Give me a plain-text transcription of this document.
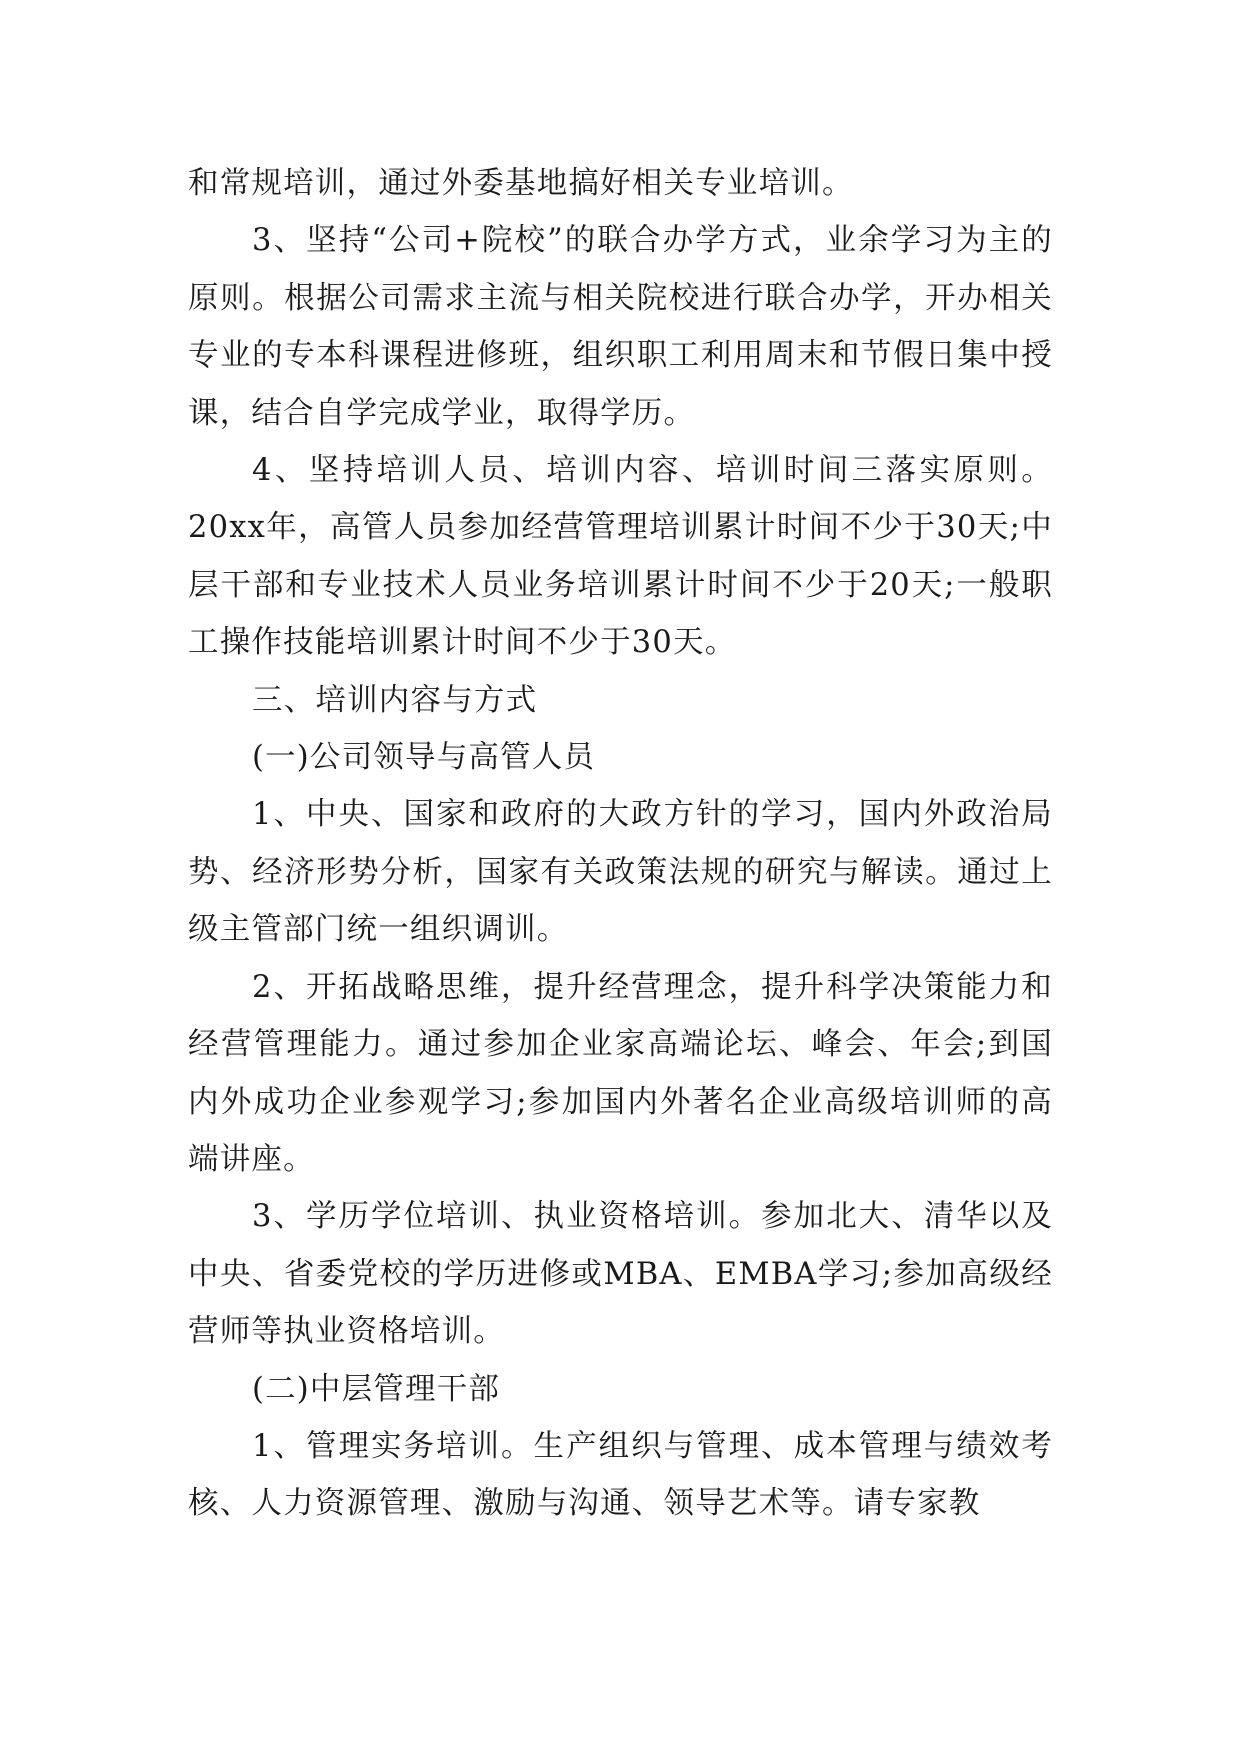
和常规培训，通过外委基地搞好相关专业培训。

3、坚持“公司+院校”的联合办学方式，业余学习为主的原则。根据公司需求主流与相关院校进行联合办学，开办相关专业的专本科课程进修班，组织职工利用周末和节假日集中授课，结合自学完成学业，取得学历。

4、坚持培训人员、培训内容、培训时间三落实原则。20xx年，高管人员参加经营管理培训累计时间不少于30天;中层干部和专业技术人员业务培训累计时间不少于20天;一般职工操作技能培训累计时间不少于30天。

三、培训内容与方式

(一)公司领导与高管人员

1、中央、国家和政府的大政方针的学习，国内外政治局势、经济形势分析，国家有关政策法规的研究与解读。通过上级主管部门统一组织调训。

2、开拓战略思维，提升经营理念，提升科学决策能力和经营管理能力。通过参加企业家高端论坛、峰会、年会;到国内外成功企业参观学习;参加国内外著名企业高级培训师的高端讲座。

3、学历学位培训、执业资格培训。参加北大、清华以及中央、省委党校的学历进修或MBA、EMBA学习;参加高级经营师等执业资格培训。

(二)中层管理干部

1、管理实务培训。生产组织与管理、成本管理与绩效考核、人力资源管理、激励与沟通、领导艺术等。请专家教
